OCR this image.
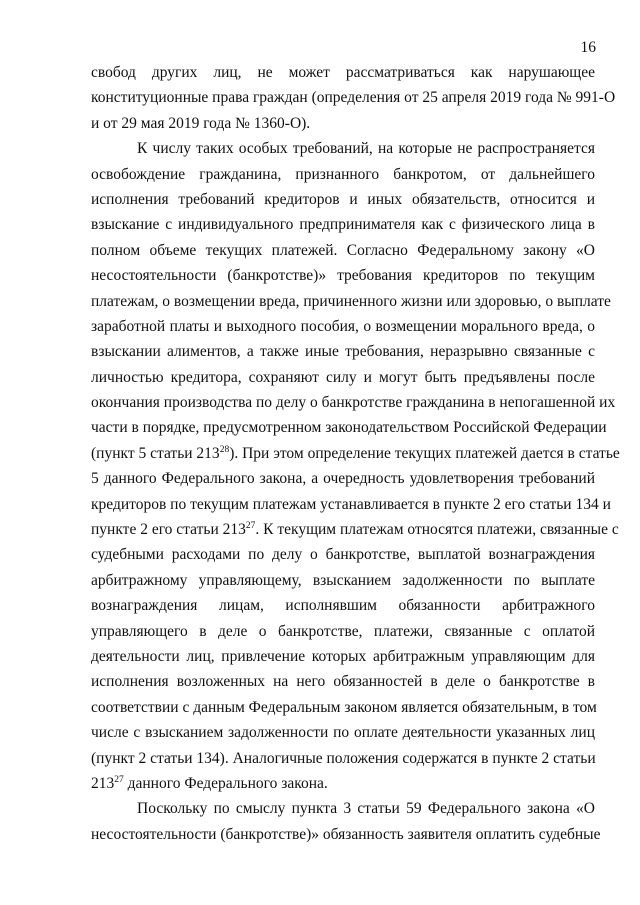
16
свобод других лиц, не может рассматриваться как нарушающее
конституционные права граждан (определения от 25 апреля 2019 года № 991-О
и от 29 мая 2019 года № 1360-О).
К числу таких особых требований, на которые не распространяется
освобождение гражданина, признанного банкротом, от дальнейшего
исполнения требований кредиторов и иных обязательств, относится и
взыскание с индивидуального предпринимателя как с физического лица в
полном объеме текущих платежей. Согласно Федеральному закону «О
несостоятельности (банкротстве)» требования кредиторов по текущим
платежам, о возмещении вреда, причиненного жизни или здоровью, о выплате
заработной платы и выходного пособия, о возмещении морального вреда, о
взыскании алиментов, а также иные требования, неразрывно связанные с
личностью кредитора, сохраняют силу и могут быть предъявлены после
окончания производства по делу о банкротстве гражданина в непогашенной их
части в порядке, предусмотренном законодательством Российской Федерации
(пункт 5 статьи $213^{28}$). При этом определение текущих платежей дается в статье
5 данного Федерального закона, а очередность удовлетворения требований
кредиторов по текущим платежам устанавливается в пункте 2 его статьи 134 и
пункте 2 его статьи $213^{27}$. К текущим платежам относятся платежи, связанные с
судебными расходами по делу о банкротстве, выплатой вознаграждения
арбитражному управляющему, взысканием задолженности по выплате
вознаграждения лицам, исполнявшим обязанности арбитражного
управляющего в деле о банкротстве, платежи, связанные с оплатой
деятельности лиц, привлечение которых арбитражным управляющим для
исполнения возложенных на него обязанностей в деле о банкротстве в
соответствии с данным Федеральным законом является обязательным, в том
числе с взысканием задолженности по оплате деятельности указанных лиц
(пункт 2 статьи 134). Аналогичные положения содержатся в пункте 2 статьи
$213^{27}$ данного Федерального закона.
Поскольку по смыслу пункта 3 статьи 59 Федерального закона «О
несостоятельности (банкротстве)» обязанность заявителя оплатить судебные
